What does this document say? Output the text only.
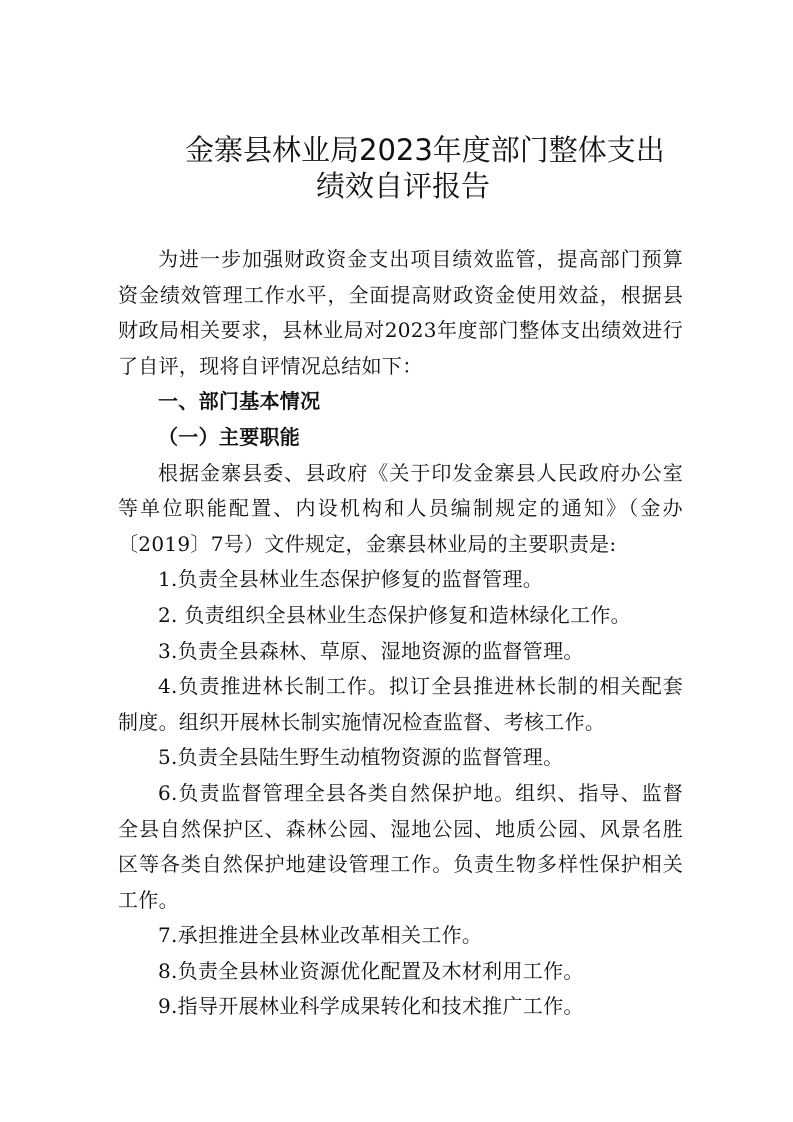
金寨县林业局2023年度部门整体支出
绩效自评报告

为进一步加强财政资金支出项目绩效监管，提高部门预算资金绩效管理工作水平，全面提高财政资金使用效益，根据县财政局相关要求，县林业局对2023年度部门整体支出绩效进行了自评，现将自评情况总结如下：

一、部门基本情况

（一）主要职能

根据金寨县委、县政府《关于印发金寨县人民政府办公室等单位职能配置、内设机构和人员编制规定的通知》（金办〔2019〕7号）文件规定，金寨县林业局的主要职责是:

1.负责全县林业生态保护修复的监督管理。

2. 负责组织全县林业生态保护修复和造林绿化工作。

3.负责全县森林、草原、湿地资源的监督管理。

4.负责推进林长制工作。拟订全县推进林长制的相关配套制度。组织开展林长制实施情况检查监督、考核工作。

5.负责全县陆生野生动植物资源的监督管理。

6.负责监督管理全县各类自然保护地。组织、指导、监督全县自然保护区、森林公园、湿地公园、地质公园、风景名胜区等各类自然保护地建设管理工作。负责生物多样性保护相关工作。

7.承担推进全县林业改革相关工作。

8.负责全县林业资源优化配置及木材利用工作。

9.指导开展林业科学成果转化和技术推广工作。
